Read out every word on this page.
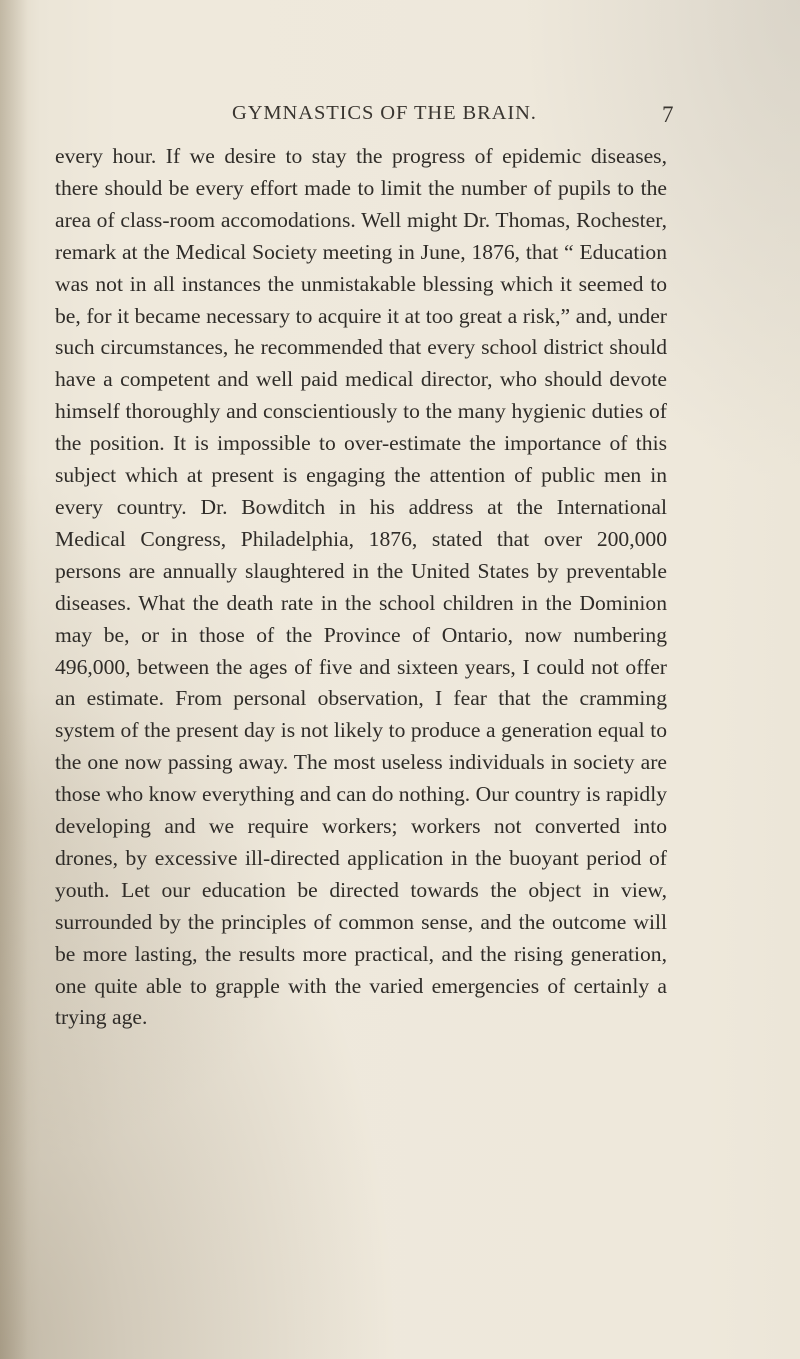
GYMNASTICS OF THE BRAIN.	7

every hour. If we desire to stay the progress of epidemic diseases, there should be every effort made to limit the number of pupils to the area of class-room accomodations. Well might Dr. Thomas, Rochester, remark at the Medical Society meeting in June, 1876, that “ Education was not in all instances the unmistakable blessing which it seemed to be, for it became necessary to acquire it at too great a risk,” and, under such circumstances, he recommended that every school district should have a competent and well paid medical director, who should devote himself thoroughly and conscientiously to the many hygienic duties of the position. It is impossible to over-estimate the importance of this subject which at present is engaging the attention of public men in every country. Dr. Bowditch in his address at the International Medical Congress, Philadelphia, 1876, stated that over 200,000 persons are annually slaughtered in the United States by preventable diseases. What the death rate in the school children in the Dominion may be, or in those of the Province of Ontario, now numbering 496,000, between the ages of five and sixteen years, I could not offer an estimate. From personal observation, I fear that the cramming system of the present day is not likely to produce a generation equal to the one now passing away. The most useless individuals in society are those who know everything and can do nothing. Our country is rapidly developing and we require workers; workers not converted into drones, by excessive ill-directed application in the buoyant period of youth. Let our education be directed towards the object in view, surrounded by the principles of common sense, and the outcome will be more lasting, the results more practical, and the rising generation, one quite able to grapple with the varied emergencies of certainly a trying age.
